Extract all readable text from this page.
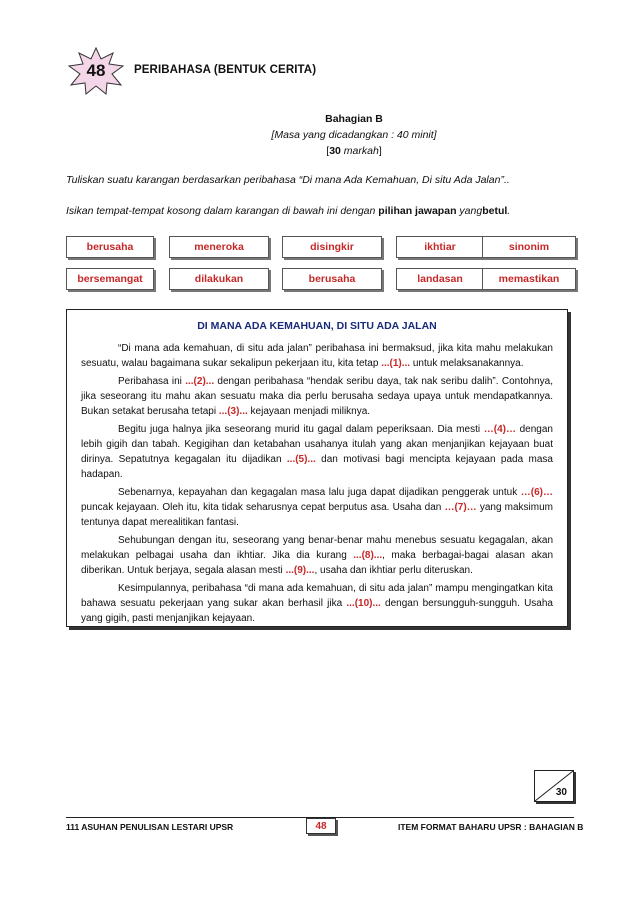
48	PERIBAHASA (BENTUK CERITA)
Bahagian B
[Masa yang dicadangkan : 40 minit]
[30 markah]
Tuliskan suatu karangan berdasarkan peribahasa “Di mana Ada Kemahuan, Di situ Ada Jalan”..
Isikan tempat-tempat kosong dalam karangan di bawah ini dengan pilihan jawapan yangbetul.
berusaha	meneroka	disingkir	ikhtiar	sinonim
bersemangat	dilakukan	berusaha	landasan	memastikan
DI MANA ADA KEMAHUAN, DI SITU ADA JALAN

“Di mana ada kemahuan, di situ ada jalan” peribahasa ini bermaksud, jika kita mahu melakukan sesuatu, walau bagaimana sukar sekalipun pekerjaan itu, kita tetap ...(1)... untuk melaksanakannya.

Peribahasa ini ...(2)... dengan peribahasa “hendak seribu daya, tak nak seribu dalih”. Contohnya, jika seseorang itu mahu akan sesuatu maka dia perlu berusaha sedaya upaya untuk mendapatkannya. Bukan setakat berusaha tetapi ...(3)... kejayaan menjadi miliknya.

Begitu juga halnya jika seseorang murid itu gagal dalam peperiksaan. Dia mesti …(4)… dengan lebih gigih dan tabah. Kegigihan dan ketabahan usahanya itulah yang akan menjanjikan kejayaan buat dirinya. Sepatutnya kegagalan itu dijadikan ...(5)... dan motivasi bagi mencipta kejayaan pada masa hadapan.

Sebenarnya, kepayahan dan kegagalan masa lalu juga dapat dijadikan penggerak untuk …(6)… puncak kejayaan. Oleh itu, kita tidak seharusnya cepat berputus asa. Usaha dan …(7)… yang maksimum tentunya dapat merealitikan fantasi.

Sehubungan dengan itu, seseorang yang benar-benar mahu menebus sesuatu kegagalan, akan melakukan pelbagai usaha dan ikhtiar. Jika dia kurang ...(8)..., maka berbagai-bagai alasan akan diberikan. Untuk berjaya, segala alasan mesti ...(9)..., usaha dan ikhtiar perlu diteruskan.

Kesimpulannya, peribahasa “di mana ada kemahuan, di situ ada jalan” mampu mengingatkan kita bahawa sesuatu pekerjaan yang sukar akan berhasil jika ...(10)... dengan bersungguh-sungguh. Usaha yang gigih, pasti menjanjikan kejayaan.

30
111 ASUHAN PENULISAN LESTARI UPSR	48	ITEM FORMAT BAHARU UPSR : BAHAGIAN B
